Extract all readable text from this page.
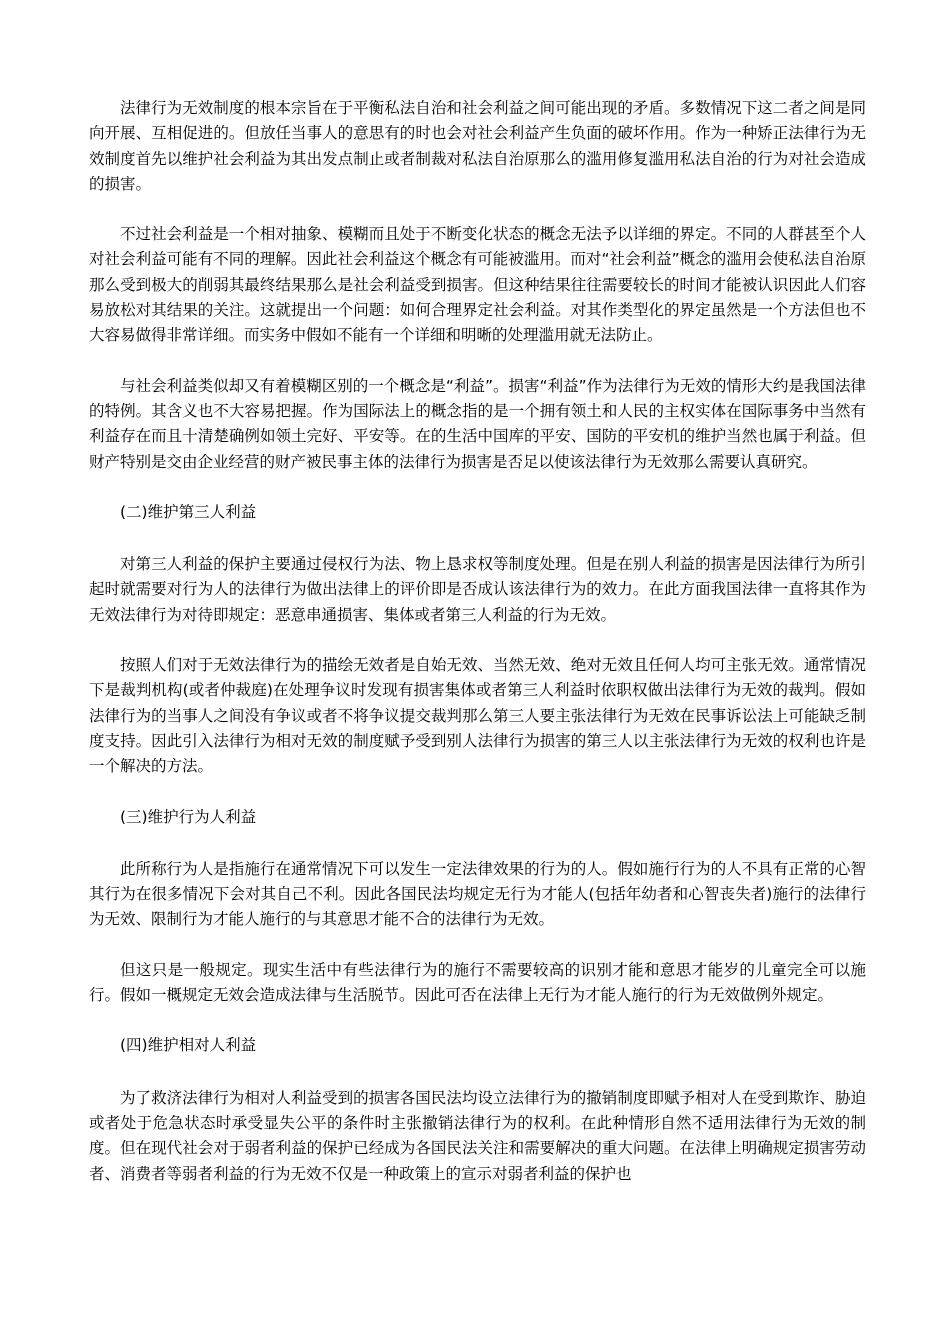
法律行为无效制度的根本宗旨在于平衡私法自治和社会利益之间可能出现的矛盾。多数情况下这二者之间是同向开展、互相促进的。但放任当事人的意思有的时也会对社会利益产生负面的破坏作用。作为一种矫正法律行为无效制度首先以维护社会利益为其出发点制止或者制裁对私法自治原那么的滥用修复滥用私法自治的行为对社会造成的损害。

不过社会利益是一个相对抽象、模糊而且处于不断变化状态的概念无法予以详细的界定。不同的人群甚至个人对社会利益可能有不同的理解。因此社会利益这个概念有可能被滥用。而对“社会利益”概念的滥用会使私法自治原那么受到极大的削弱其最终结果那么是社会利益受到损害。但这种结果往往需要较长的时间才能被认识因此人们容易放松对其结果的关注。这就提出一个问题：如何合理界定社会利益。对其作类型化的界定虽然是一个方法但也不大容易做得非常详细。而实务中假如不能有一个详细和明晰的处理滥用就无法防止。

与社会利益类似却又有着模糊区别的一个概念是“利益”。损害“利益”作为法律行为无效的情形大约是我国法律的特例。其含义也不大容易把握。作为国际法上的概念指的是一个拥有领土和人民的主权实体在国际事务中当然有利益存在而且十清楚确例如领土完好、平安等。在的生活中国库的平安、国防的平安机的维护当然也属于利益。但财产特别是交由企业经营的财产被民事主体的法律行为损害是否足以使该法律行为无效那么需要认真研究。

(二)维护第三人利益

对第三人利益的保护主要通过侵权行为法、物上恳求权等制度处理。但是在别人利益的损害是因法律行为所引起时就需要对行为人的法律行为做出法律上的评价即是否成认该法律行为的效力。在此方面我国法律一直将其作为无效法律行为对待即规定：恶意串通损害、集体或者第三人利益的行为无效。

按照人们对于无效法律行为的描绘无效者是自始无效、当然无效、绝对无效且任何人均可主张无效。通常情况下是裁判机构(或者仲裁庭)在处理争议时发现有损害集体或者第三人利益时依职权做出法律行为无效的裁判。假如法律行为的当事人之间没有争议或者不将争议提交裁判那么第三人要主张法律行为无效在民事诉讼法上可能缺乏制度支持。因此引入法律行为相对无效的制度赋予受到别人法律行为损害的第三人以主张法律行为无效的权利也许是一个解决的方法。

(三)维护行为人利益

此所称行为人是指施行在通常情况下可以发生一定法律效果的行为的人。假如施行行为的人不具有正常的心智其行为在很多情况下会对其自己不利。因此各国民法均规定无行为才能人(包括年幼者和心智丧失者)施行的法律行为无效、限制行为才能人施行的与其意思才能不合的法律行为无效。

但这只是一般规定。现实生活中有些法律行为的施行不需要较高的识别才能和意思才能岁的儿童完全可以施行。假如一概规定无效会造成法律与生活脱节。因此可否在法律上无行为才能人施行的行为无效做例外规定。

(四)维护相对人利益

为了救济法律行为相对人利益受到的损害各国民法均设立法律行为的撤销制度即赋予相对人在受到欺诈、胁迫或者处于危急状态时承受显失公平的条件时主张撤销法律行为的权利。在此种情形自然不适用法律行为无效的制度。但在现代社会对于弱者利益的保护已经成为各国民法关注和需要解决的重大问题。在法律上明确规定损害劳动者、消费者等弱者利益的行为无效不仅是一种政策上的宣示对弱者利益的保护也
